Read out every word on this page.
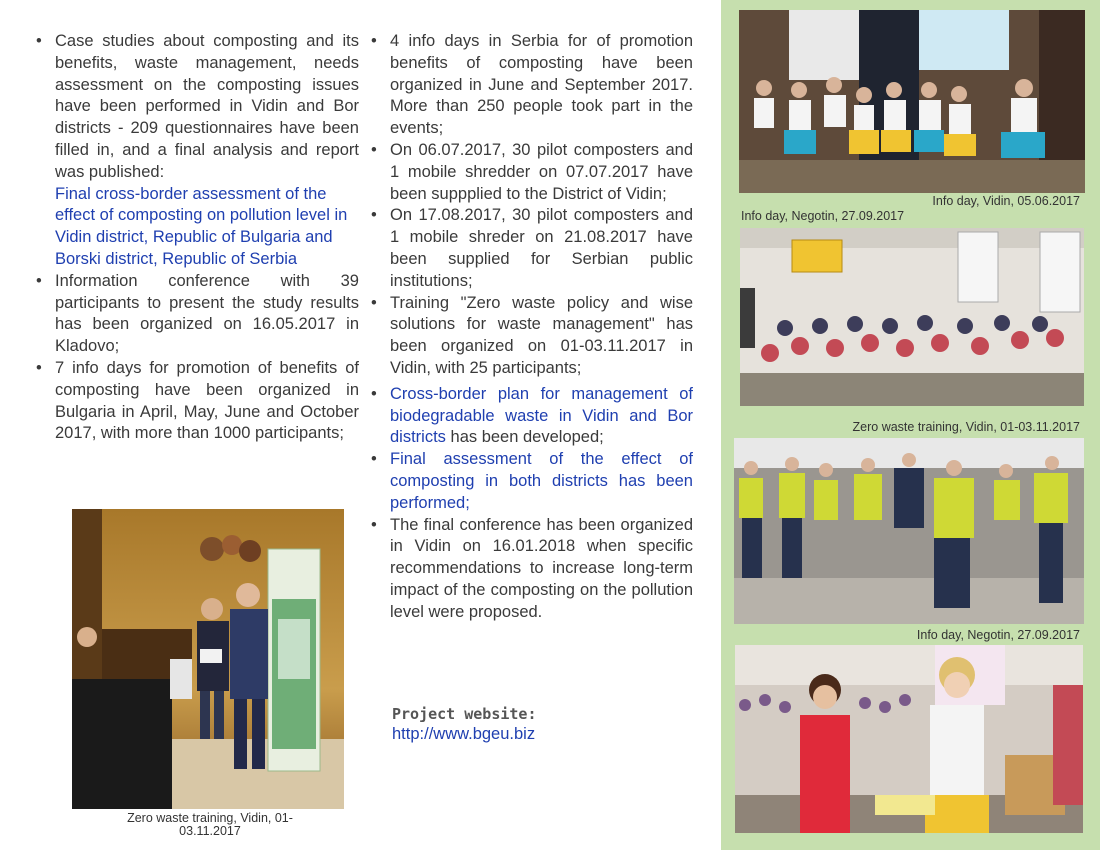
• Case studies about composting and its benefits, waste management, needs assessment on the composting issues have been performed in Vidin and Bor districts - 209 questionnaires have been filled in, and a final analysis and report was published:
Final cross-border assessment of the effect of composting on pollution level in Vidin district, Republic of Bulgaria and Borski district, Republic of Serbia
• Information conference with 39 participants to present the study results has been organized on 16.05.2017 in Kladovo;
• 7 info days for promotion of benefits of composting have been organized in Bulgaria in April, May, June and October 2017, with more than 1000 participants;
Zero waste training, Vidin, 01-03.11.2017
• 4 info days in Serbia for of promotion benefits of composting have been organized in June and September 2017. More than 250 people took part in the events;
• On 06.07.2017, 30 pilot composters and 1 mobile shredder on 07.07.2017 have been suppplied to the District of Vidin;
• On 17.08.2017, 30 pilot composters and 1 mobile shreder on 21.08.2017 have been supplied for Serbian public institutions;
• Training "Zero waste policy and wise solutions for waste management" has been organized on 01-03.11.2017 in Vidin, with 25 participants;
• Cross-border plan for management of biodegradable waste in Vidin and Bor districts has been developed;
• Final assessment of the effect of composting in both districts has been performed;
• The final conference has been organized in Vidin on 16.01.2018 when specific recommendations to increase long-term impact of the composting on the pollution level were proposed.
Project website:
http://www.bgeu.biz
Info day, Vidin, 05.06.2017
Info day, Negotin, 27.09.2017
Zero waste training, Vidin, 01-03.11.2017
Info day, Negotin, 27.09.2017
